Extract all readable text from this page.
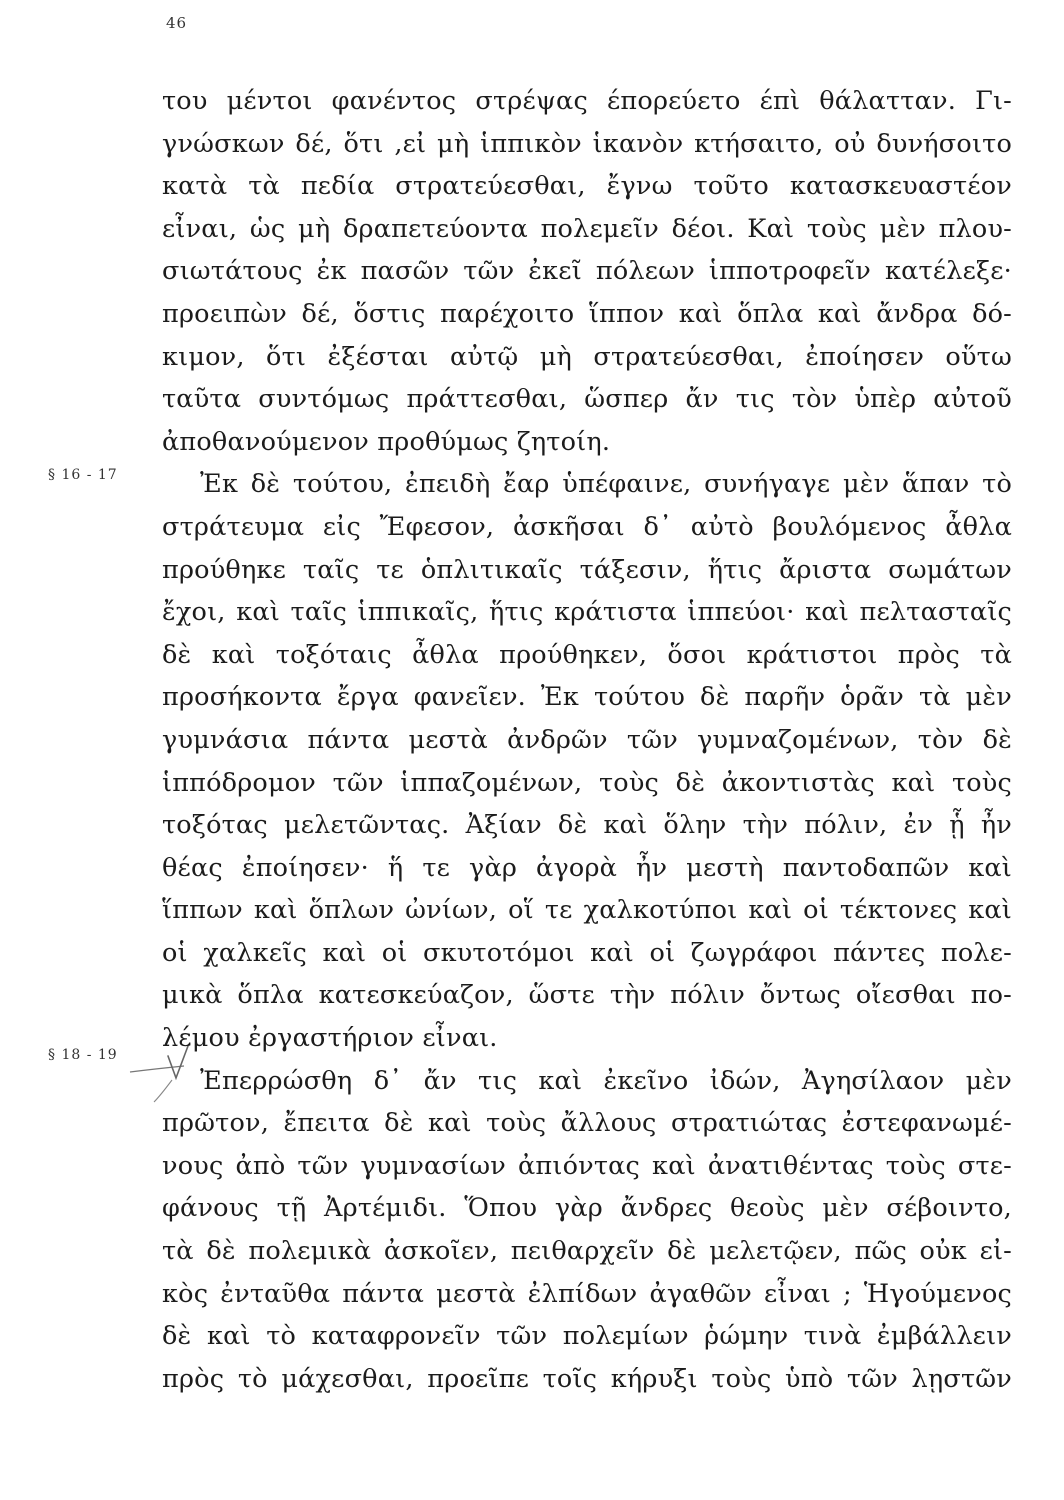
46
§ 16 - 17
§ 18 - 19
του μέντοι φανέντος στρέψας έπορεύετο έπὶ θάλατταν. Γι-
γνώσκων δέ, ὅτι ,εἰ μὴ ἱππικὸν ἱκανὸν κτήσαιτο, οὐ δυνήσοιτο
κατὰ τὰ πεδία στρατεύεσθαι, ἔγνω τοῦτο κατασκευαστέον
εἶναι, ὡς μὴ δραπετεύοντα πολεμεῖν δέοι. Καὶ τοὺς μὲν πλου-
σιωτάτους ἐκ πασῶν τῶν ἐκεῖ πόλεων ἱπποτροφεῖν κατέλεξε·
προειπὼν δέ, ὅστις παρέχοιτο ἵππον καὶ ὅπλα καὶ ἄνδρα δό-
κιμον, ὅτι ἐξέσται αὐτῷ μὴ στρατεύεσθαι, ἐποίησεν οὕτω
ταῦτα συντόμως πράττεσθαι, ὥσπερ ἄν τις τὸν ὑπὲρ αὐτοῦ
ἀποθανούμενον προθύμως ζητοίη.
Ἐκ δὲ τούτου, ἐπειδὴ ἔαρ ὑπέφαινε, συνήγαγε μὲν ἅπαν τὸ
στράτευμα εἰς Ἔφεσον, ἀσκῆσαι δ᾽ αὐτὸ βουλόμενος ἆθλα
προύθηκε ταῖς τε ὁπλιτικαῖς τάξεσιν, ἥτις ἄριστα σωμάτων
ἔχοι, καὶ ταῖς ἱππικαῖς, ἥτις κράτιστα ἱππεύοι· καὶ πελτασταῖς
δὲ καὶ τοξόταις ἆθλα προύθηκεν, ὅσοι κράτιστοι πρὸς τὰ
προσήκοντα ἔργα φανεῖεν. Ἐκ τούτου δὲ παρῆν ὁρᾶν τὰ μὲν
γυμνάσια πάντα μεστὰ ἀνδρῶν τῶν γυμναζομένων, τὸν δὲ
ἱππόδρομον τῶν ἱππαζομένων, τοὺς δὲ ἀκοντιστὰς καὶ τοὺς
τοξότας μελετῶντας. Ἀξίαν δὲ καὶ ὅλην τὴν πόλιν, ἐν ᾗ ἦν
θέας ἐποίησεν· ἥ τε γὰρ ἀγορὰ ἦν μεστὴ παντοδαπῶν καὶ
ἵππων καὶ ὅπλων ὠνίων, οἵ τε χαλκοτύποι καὶ οἱ τέκτονες καὶ
οἱ χαλκεῖς καὶ οἱ σκυτοτόμοι καὶ οἱ ζωγράφοι πάντες πολε-
μικὰ ὅπλα κατεσκεύαζον, ὥστε τὴν πόλιν ὄντως οἴεσθαι πο-
λέμου ἐργαστήριον εἶναι.
Ἐπερρώσθη δ᾽ ἄν τις καὶ ἐκεῖνο ἰδών, Ἀγησίλαον μὲν
πρῶτον, ἔπειτα δὲ καὶ τοὺς ἄλλους στρατιώτας ἐστεφανωμέ-
νους ἀπὸ τῶν γυμνασίων ἀπιόντας καὶ ἀνατιθέντας τοὺς στε-
φάνους τῇ Ἀρτέμιδι. Ὅπου γὰρ ἄνδρες θεοὺς μὲν σέβοιντο,
τὰ δὲ πολεμικὰ ἀσκοῖεν, πειθαρχεῖν δὲ μελετῷεν, πῶς οὐκ εἰ-
κὸς ἐνταῦθα πάντα μεστὰ ἐλπίδων ἀγαθῶν εἶναι ; Ἡγούμενος
δὲ καὶ τὸ καταφρονεῖν τῶν πολεμίων ῥώμην τινὰ ἐμβάλλειν
πρὸς τὸ μάχεσθαι, προεῖπε τοῖς κήρυξι τοὺς ὑπὸ τῶν λῃστῶν
